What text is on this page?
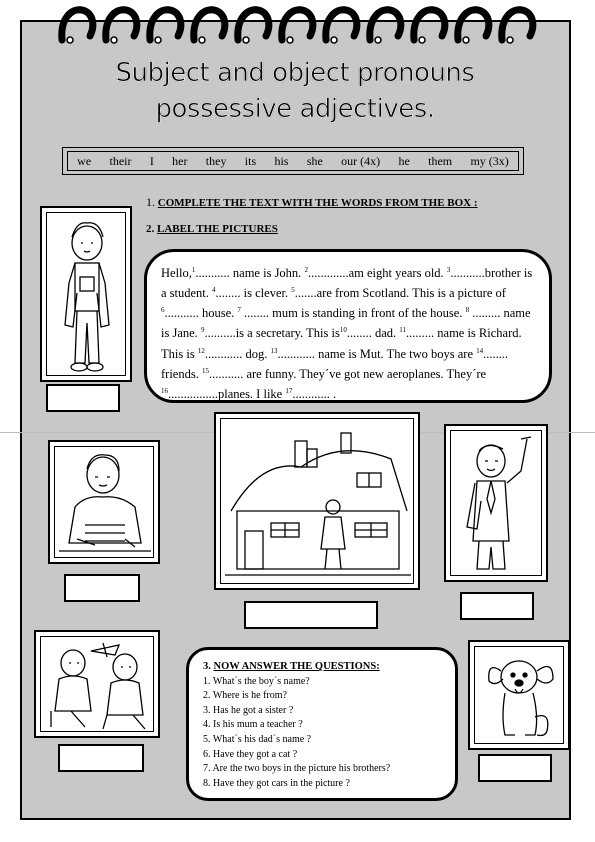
Subject and object pronouns
possessive adjectives.
we their I her they its his she our (4x) he them my (3x)
1. COMPLETE THE TEXT WITH THE WORDS FROM THE BOX :
2. LABEL THE PICTURES

Hello,$^1$........... name is John. $^2$.............am eight years old. $^3$...........brother is a student. $^4$........ is clever. $^5$.......are from Scotland. This is a picture of $^6$........... house. $^7$ ........ mum is standing in front of the house. $^8$ ......... name is Jane. $^9$..........is a secretary. This $is^{10}$........ dad. $^{11}$......... name is Richard. This is $^{12}$............ dog. $^{13}$............ name is Mut. The two boys are $^{14}$........ friends. $^{15}$........... are funny. They´ve got new aeroplanes. They´re $^{16}$................planes. I like $^{17}$............ .

3. NOW ANSWER THE QUESTIONS:
1. What´s the boy´s name?
2. Where is he from?
3. Has he got a sister ?
4. Is his mum a teacher ?
5. What´s his dad´s name ?
6. Have they got a cat ?
7. Are the two boys in the picture his brothers?
8. Have they got cars in the picture ?
